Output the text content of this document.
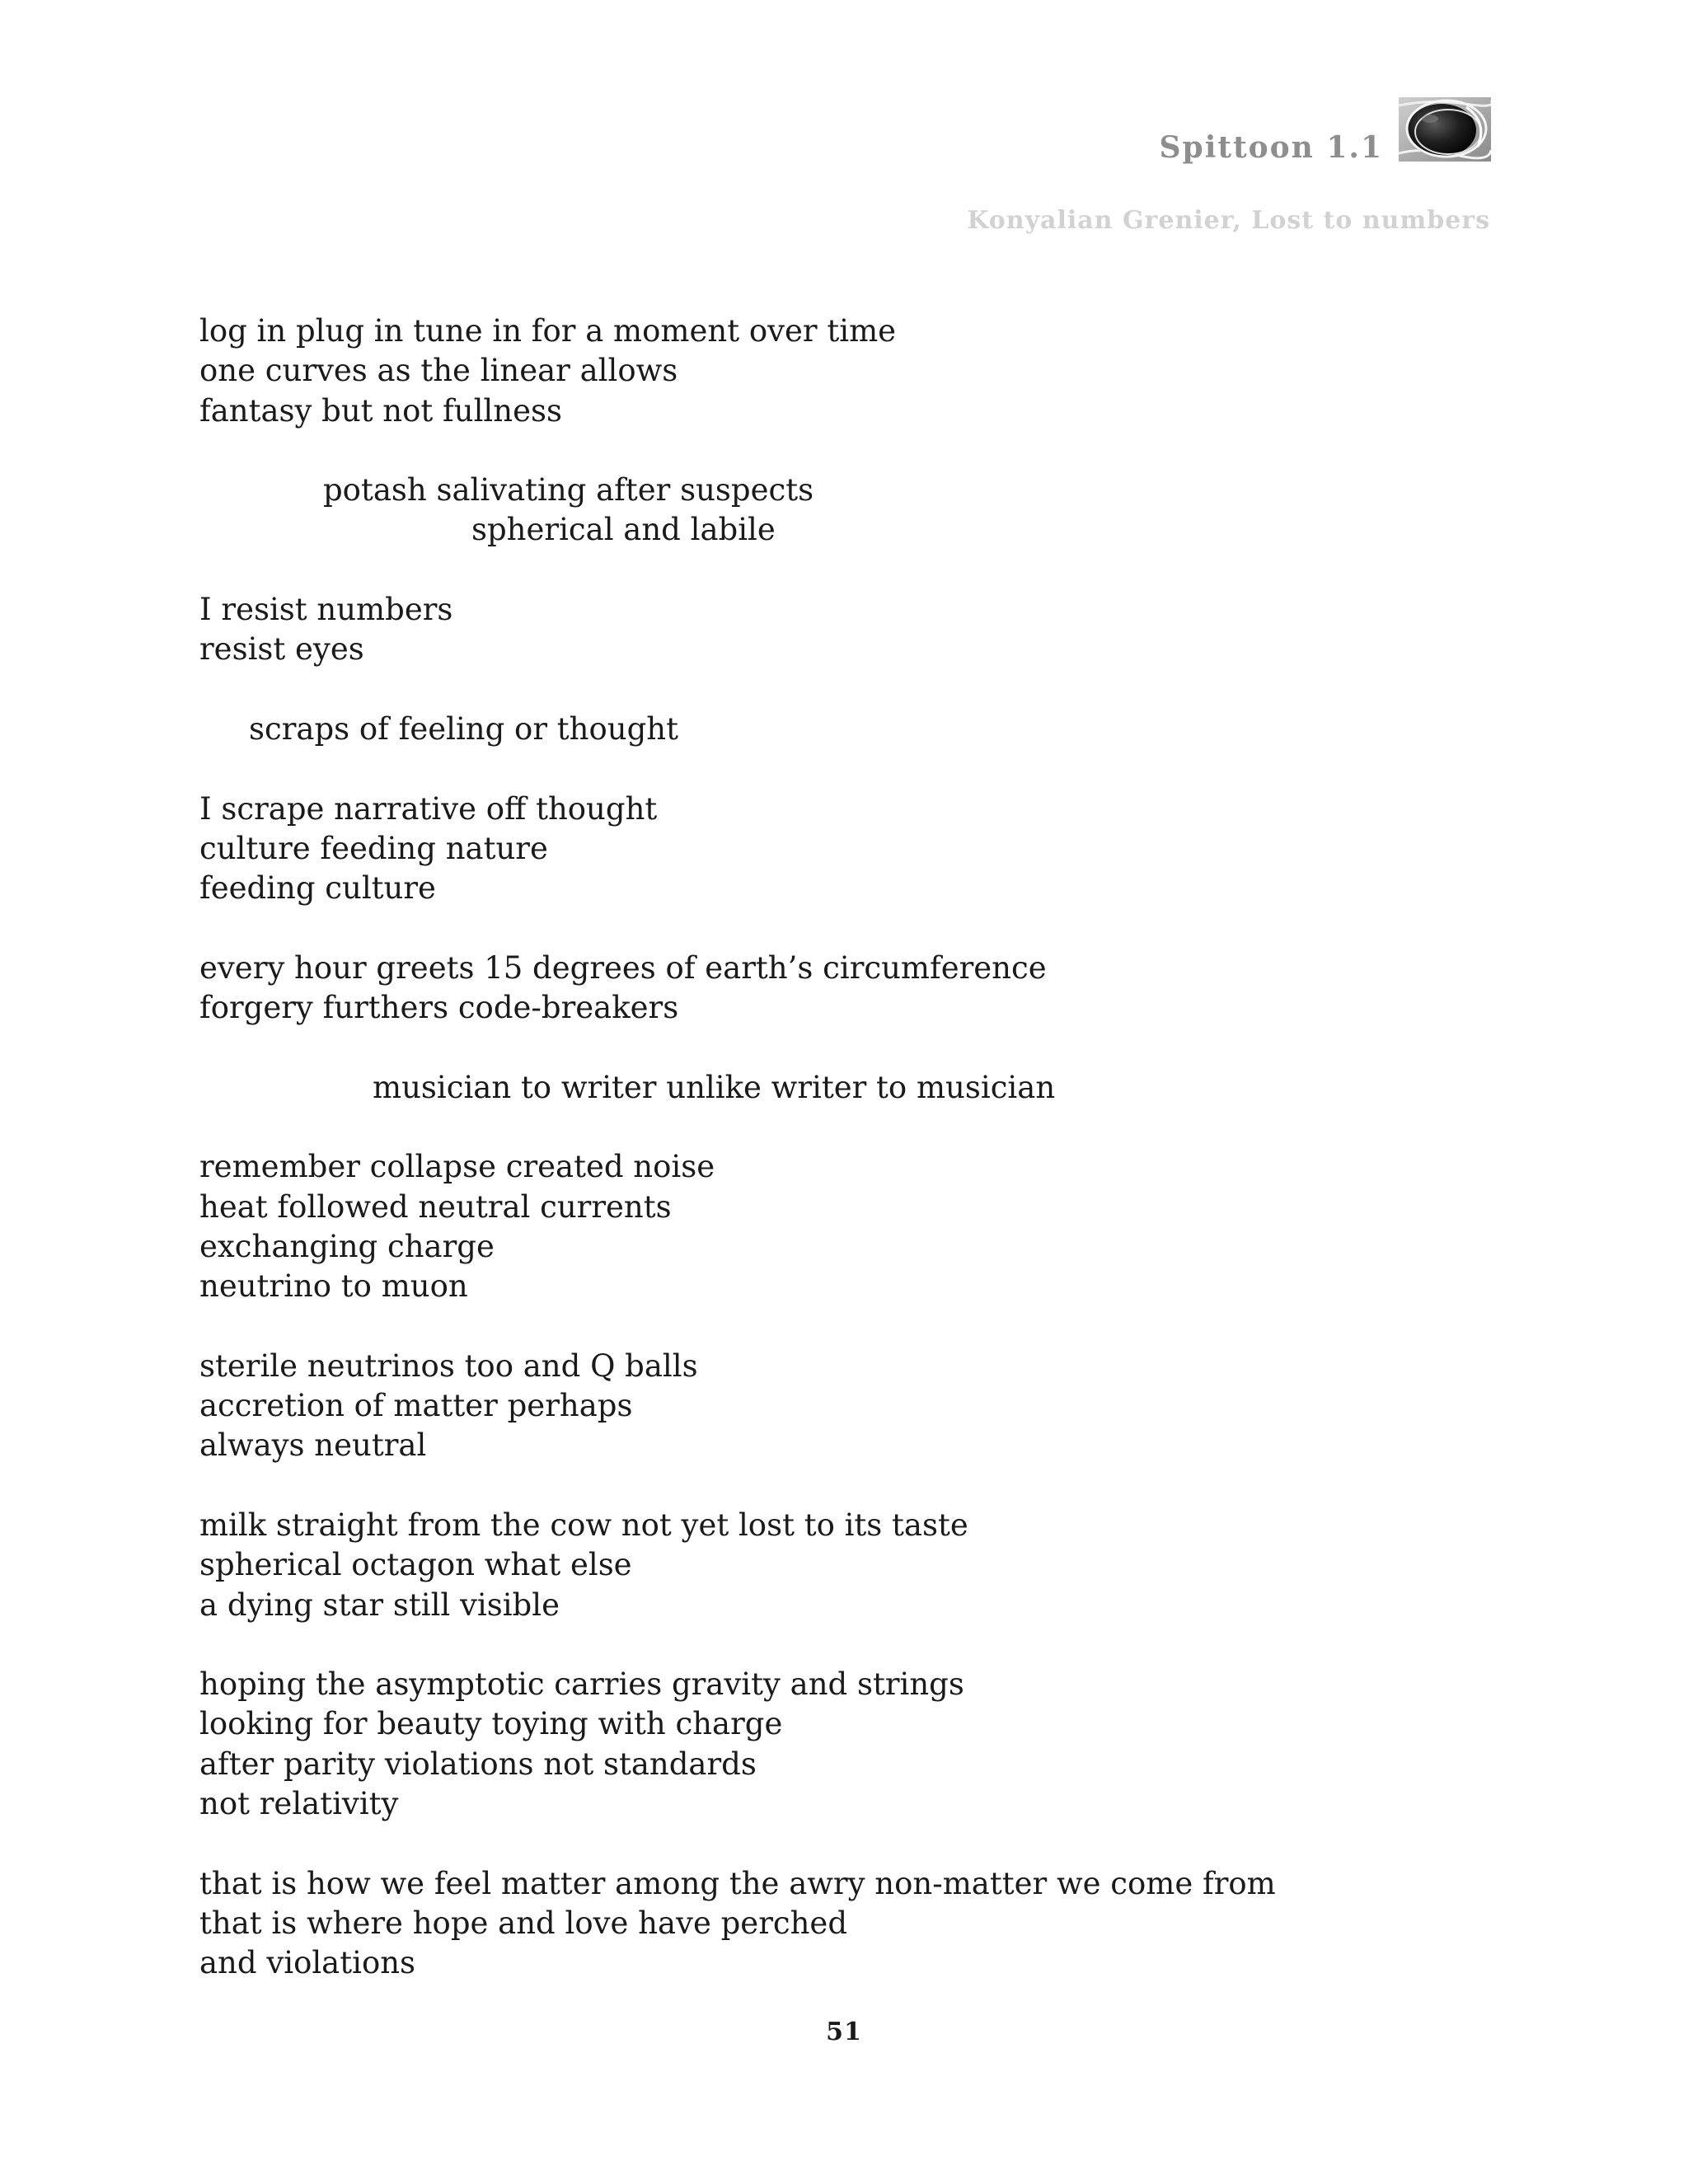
Spittoon 1.1
Konyalian Grenier, Lost to numbers
log in plug in tune in for a moment over time
one curves as the linear allows
fantasy but not fullness
potash salivating after suspects
spherical and labile
I resist numbers
resist eyes
scraps of feeling or thought
I scrape narrative off thought
culture feeding nature
feeding culture
every hour greets 15 degrees of earth’s circumference
forgery furthers code-breakers
musician to writer unlike writer to musician
remember collapse created noise
heat followed neutral currents
exchanging charge
neutrino to muon
sterile neutrinos too and Q balls
accretion of matter perhaps
always neutral
milk straight from the cow not yet lost to its taste
spherical octagon what else
a dying star still visible
hoping the asymptotic carries gravity and strings
looking for beauty toying with charge
after parity violations not standards
not relativity
that is how we feel matter among the awry non-matter we come from
that is where hope and love have perched
and violations
51
